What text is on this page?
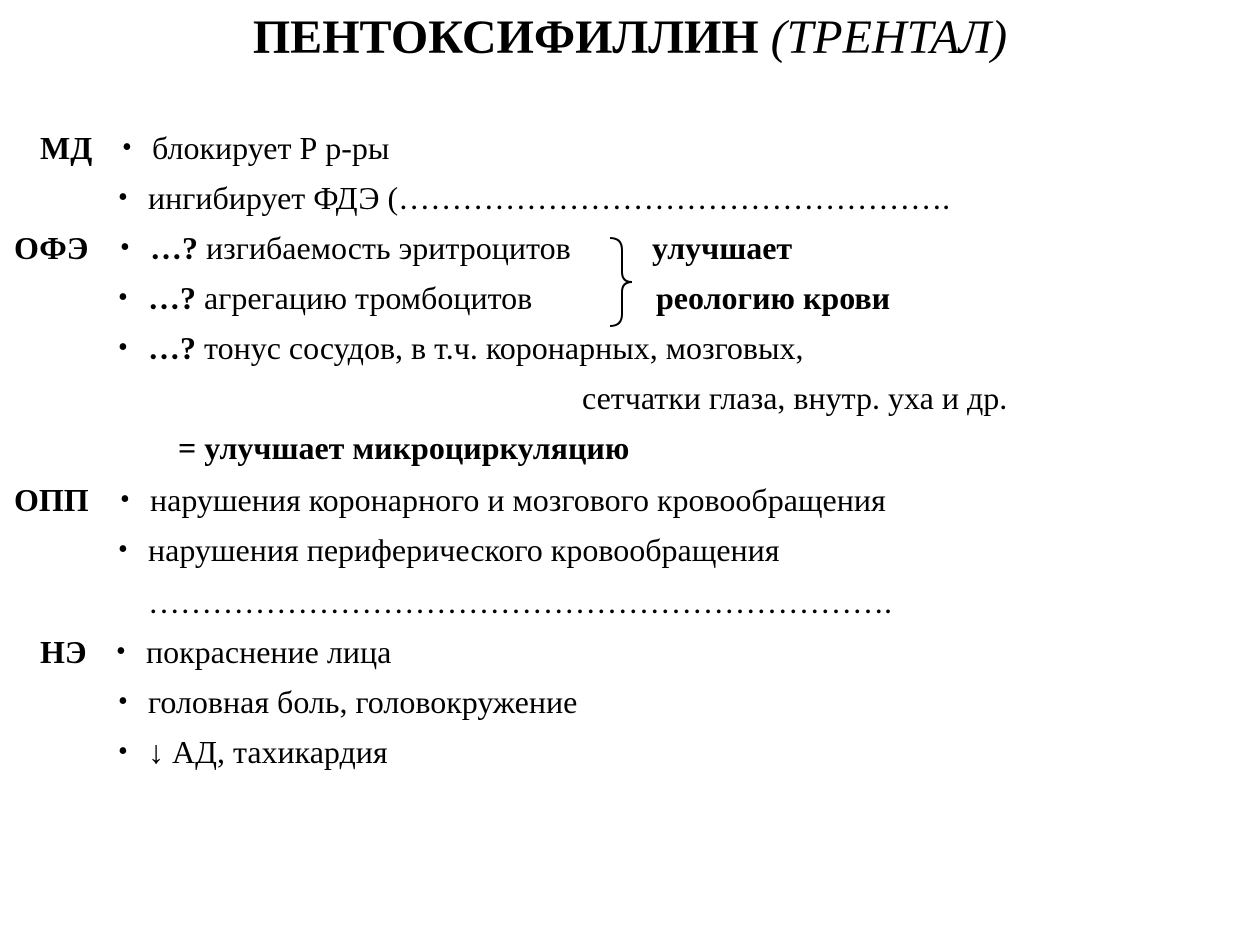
ПЕНТОКСИФИЛЛИН (ТРЕНТАЛ)
МД • блокирует Р р-ры
• ингибирует ФДЭ (…………………………………………….
ОФЭ • …? изгибаемость эритроцитов
• …? агрегацию тромбоцитов
улучшает
реологию крови
• …? тонус сосудов, в т.ч. коронарных, мозговых,
сетчатки глаза, внутр. уха и др.
= улучшает микроциркуляцию
ОПП • нарушения коронарного и мозгового кровообращения
• нарушения периферического кровообращения
…………………………………………………………….
НЭ • покраснение лица
• головная боль, головокружение
• ↓ АД, тахикардия
